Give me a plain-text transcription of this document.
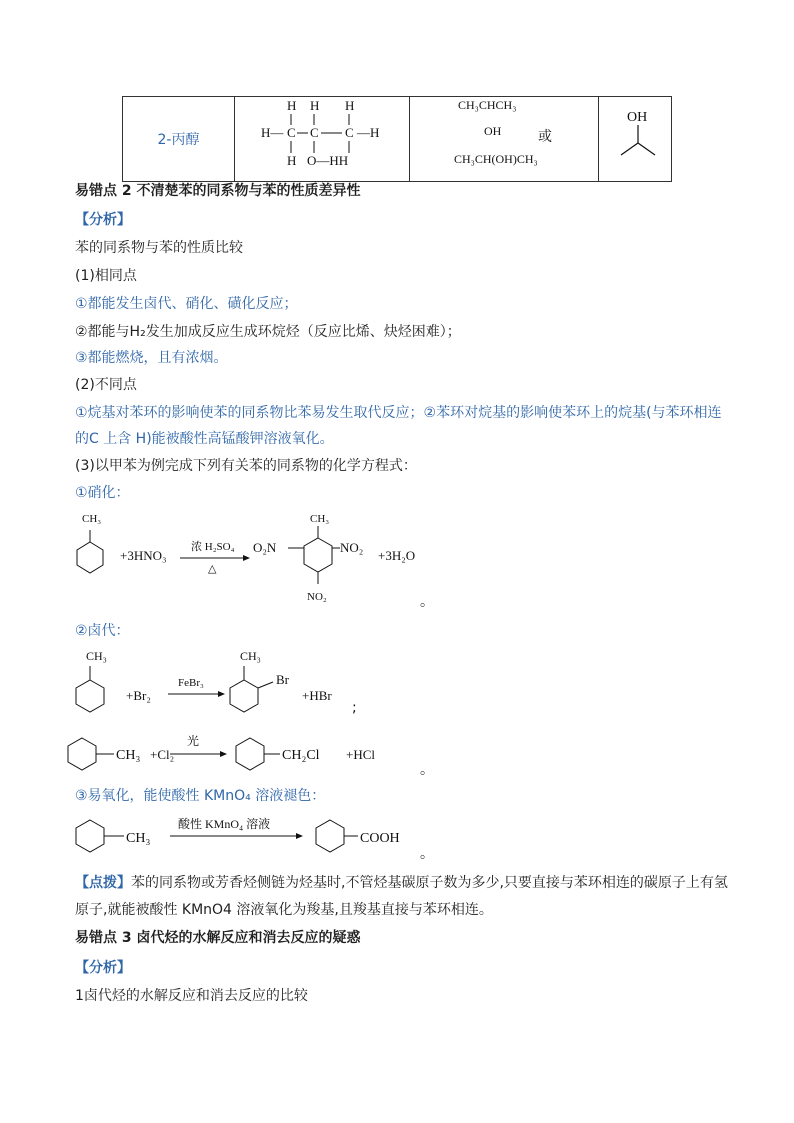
2-丙醇	
H H H
H— C C C —H
H O—HH

CH₃CHCH₃
OH	或
CH₃CH(OH)CH₃

OH
易错点 2 不清楚苯的同系物与苯的性质差异性
【分析】
苯的同系物与苯的性质比较
(1)相同点
①都能发生卤代、硝化、磺化反应；
②都能与H₂发生加成反应生成环烷烃（反应比烯、炔烃困难）；
③都能燃烧，且有浓烟。
(2)不同点
①烷基对苯环的影响使苯的同系物比苯易发生取代反应；②苯环对烷基的影响使苯环上的烷基(与苯环相连
的C 上含 H)能被酸性高锰酸钾溶液氧化。
(3)以甲苯为例完成下列有关苯的同系物的化学方程式：
①硝化：
CH₃
+3HNO₃
浓 H₂SO₄
△
CH₃
O₂N	NO₂
NO₂
+3H₂O
。
②卤代：
CH₃
+Br₂
FeBr₃
CH₃
Br
+HBr
;
CH₃ +Cl₂
光
CH₂Cl +HCl
。
③易氧化，能使酸性 KMnO₄ 溶液褪色：
CH₃
酸性 KMnO₄ 溶液
COOH
。
【点拨】苯的同系物或芳香烃侧链为烃基时,不管烃基碳原子数为多少,只要直接与苯环相连的碳原子上有氢
原子,就能被酸性 KMnO4 溶液氧化为羧基,且羧基直接与苯环相连。
易错点 3 卤代烃的水解反应和消去反应的疑惑
【分析】
1卤代烃的水解反应和消去反应的比较
